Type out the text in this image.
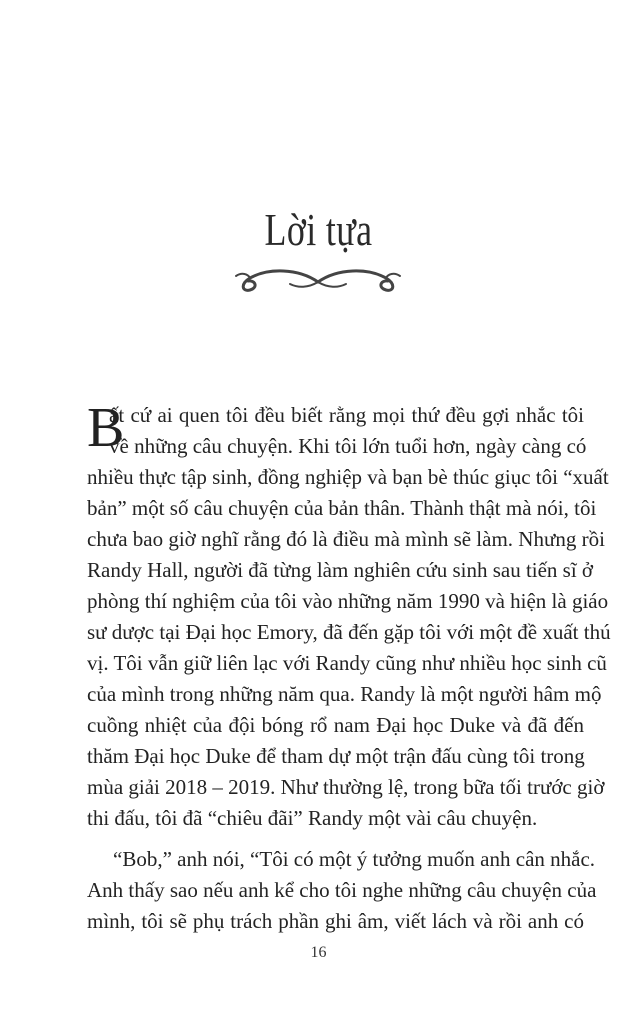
Lời tựa
B
ất cứ ai quen tôi đều biết rằng mọi thứ đều gợi nhắc tôi
về những câu chuyện. Khi tôi lớn tuổi hơn, ngày càng có
nhiều thực tập sinh, đồng nghiệp và bạn bè thúc giục tôi “xuất
bản” một số câu chuyện của bản thân. Thành thật mà nói, tôi
chưa bao giờ nghĩ rằng đó là điều mà mình sẽ làm. Nhưng rồi
Randy Hall, người đã từng làm nghiên cứu sinh sau tiến sĩ ở
phòng thí nghiệm của tôi vào những năm 1990 và hiện là giáo
sư dược tại Đại học Emory, đã đến gặp tôi với một đề xuất thú
vị. Tôi vẫn giữ liên lạc với Randy cũng như nhiều học sinh cũ
của mình trong những năm qua. Randy là một người hâm mộ
cuồng nhiệt của đội bóng rổ nam Đại học Duke và đã đến
thăm Đại học Duke để tham dự một trận đấu cùng tôi trong
mùa giải 2018 – 2019. Như thường lệ, trong bữa tối trước giờ
thi đấu, tôi đã “chiêu đãi” Randy một vài câu chuyện.
“Bob,” anh nói, “Tôi có một ý tưởng muốn anh cân nhắc.
Anh thấy sao nếu anh kể cho tôi nghe những câu chuyện của
mình, tôi sẽ phụ trách phần ghi âm, viết lách và rồi anh có
16
